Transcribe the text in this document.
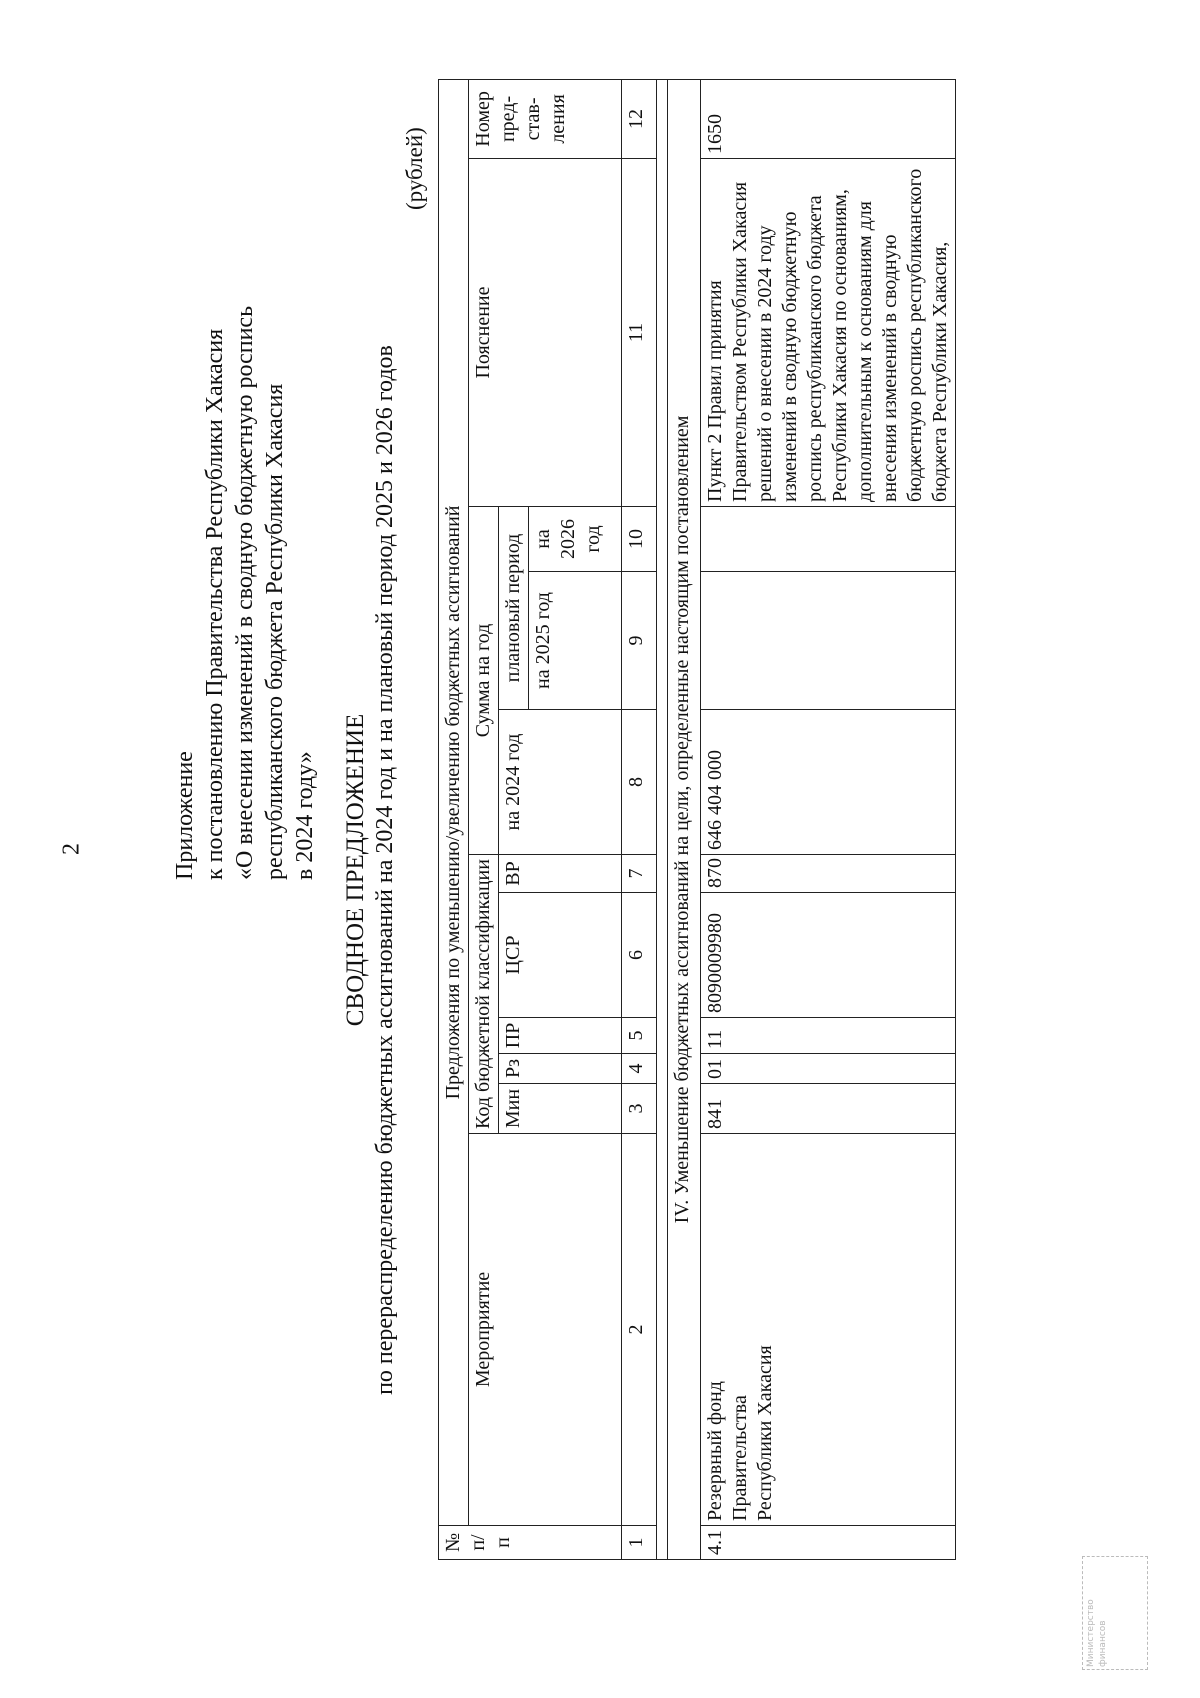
2	Приложение к постановлению Правительства Республики Хакасия «О внесении изменений в сводную бюджетную роспись республиканского бюджета Республики Хакасия в 2024 году» СВОДНОЕ ПРЕДЛОЖЕНИЕ по перераспределению бюджетных ассигнований на 2024 год и на плановый период 2025 и 2026 годов
(рублей)
№ п/п	Предложения по уменьшению/увеличению бюджетных ассигнований										
	Мероприятие	Код бюджетной классификации					Сумма на год			Пояснение	Номер пред-став-ления
		Мин	Рз	ПР	ЦСР	ВР	на 2024 год	плановый период			
								на 2025 год	на 2026 год		
1	2	3	4	5	6	7	8	9	10	11	12

IV. Уменьшение бюджетных ассигнований на цели, определенные настоящим постановлением											
4.1	Резервный фонд Правительства Республики Хакасия	841	01	11	8090009980	870	646 404 000			Пункт 2 Правил принятия Правительством Республики Хакасия решений о внесении в 2024 году изменений в сводную бюджетную роспись республиканского бюджета Республики Хакасия по основаниям, дополнительным к основаниям для внесения изменений в сводную бюджетную роспись республиканского бюджета Республики Хакасия,	1650
Министерство финансов
